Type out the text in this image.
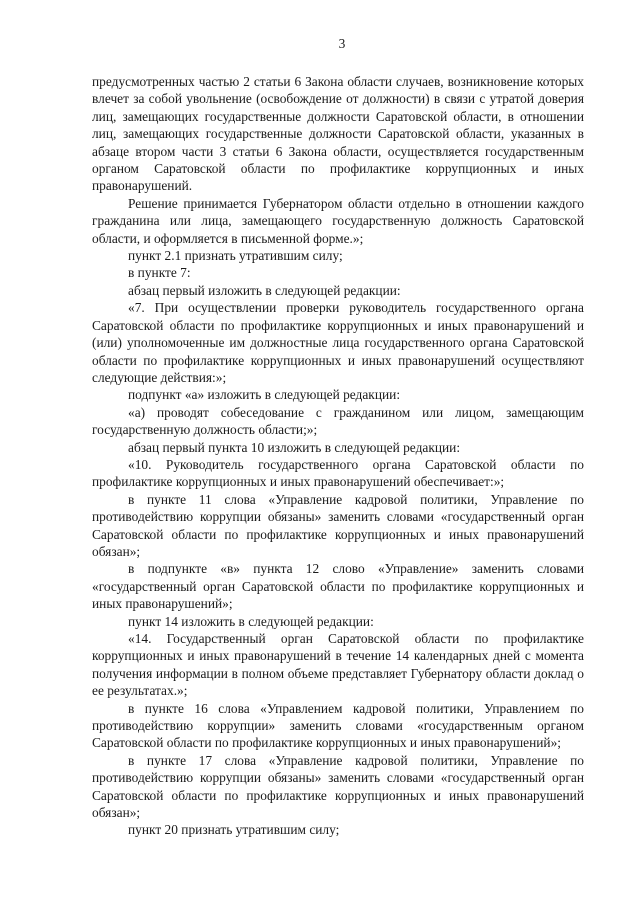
3

предусмотренных частью 2 статьи 6 Закона области случаев, возникновение которых влечет за собой увольнение (освобождение от должности) в связи с утратой доверия лиц, замещающих государственные должности Саратовской области, в отношении лиц, замещающих государственные должности Саратовской области, указанных в абзаце втором части 3 статьи 6 Закона области, осуществляется государственным органом Саратовской области по профилактике коррупционных и иных правонарушений.

Решение принимается Губернатором области отдельно в отношении каждого гражданина или лица, замещающего государственную должность Саратовской области, и оформляется в письменной форме.»;

пункт 2.1 признать утратившим силу;

в пункте 7:

абзац первый изложить в следующей редакции:

«7. При осуществлении проверки руководитель государственного органа Саратовской области по профилактике коррупционных и иных правонарушений и (или) уполномоченные им должностные лица государственного органа Саратовской области по профилактике коррупционных и иных правонарушений осуществляют следующие действия:»;

подпункт «а» изложить в следующей редакции:

«а) проводят собеседование с гражданином или лицом, замещающим государственную должность области;»;

абзац первый пункта 10 изложить в следующей редакции:

«10. Руководитель государственного органа Саратовской области по профилактике коррупционных и иных правонарушений обеспечивает:»;

в пункте 11 слова «Управление кадровой политики, Управление по противодействию коррупции обязаны» заменить словами «государственный орган Саратовской области по профилактике коррупционных и иных правонарушений обязан»;

в подпункте «в» пункта 12 слово «Управление» заменить словами «государственный орган Саратовской области по профилактике коррупционных и иных правонарушений»;

пункт 14 изложить в следующей редакции:

«14. Государственный орган Саратовской области по профилактике коррупционных и иных правонарушений в течение 14 календарных дней с момента получения информации в полном объеме представляет Губернатору области доклад о ее результатах.»;

в пункте 16 слова «Управлением кадровой политики, Управлением по противодействию коррупции» заменить словами «государственным органом Саратовской области по профилактике коррупционных и иных правонарушений»;

в пункте 17 слова «Управление кадровой политики, Управление по противодействию коррупции обязаны» заменить словами «государственный орган Саратовской области по профилактике коррупционных и иных правонарушений обязан»;

пункт 20 признать утратившим силу;
